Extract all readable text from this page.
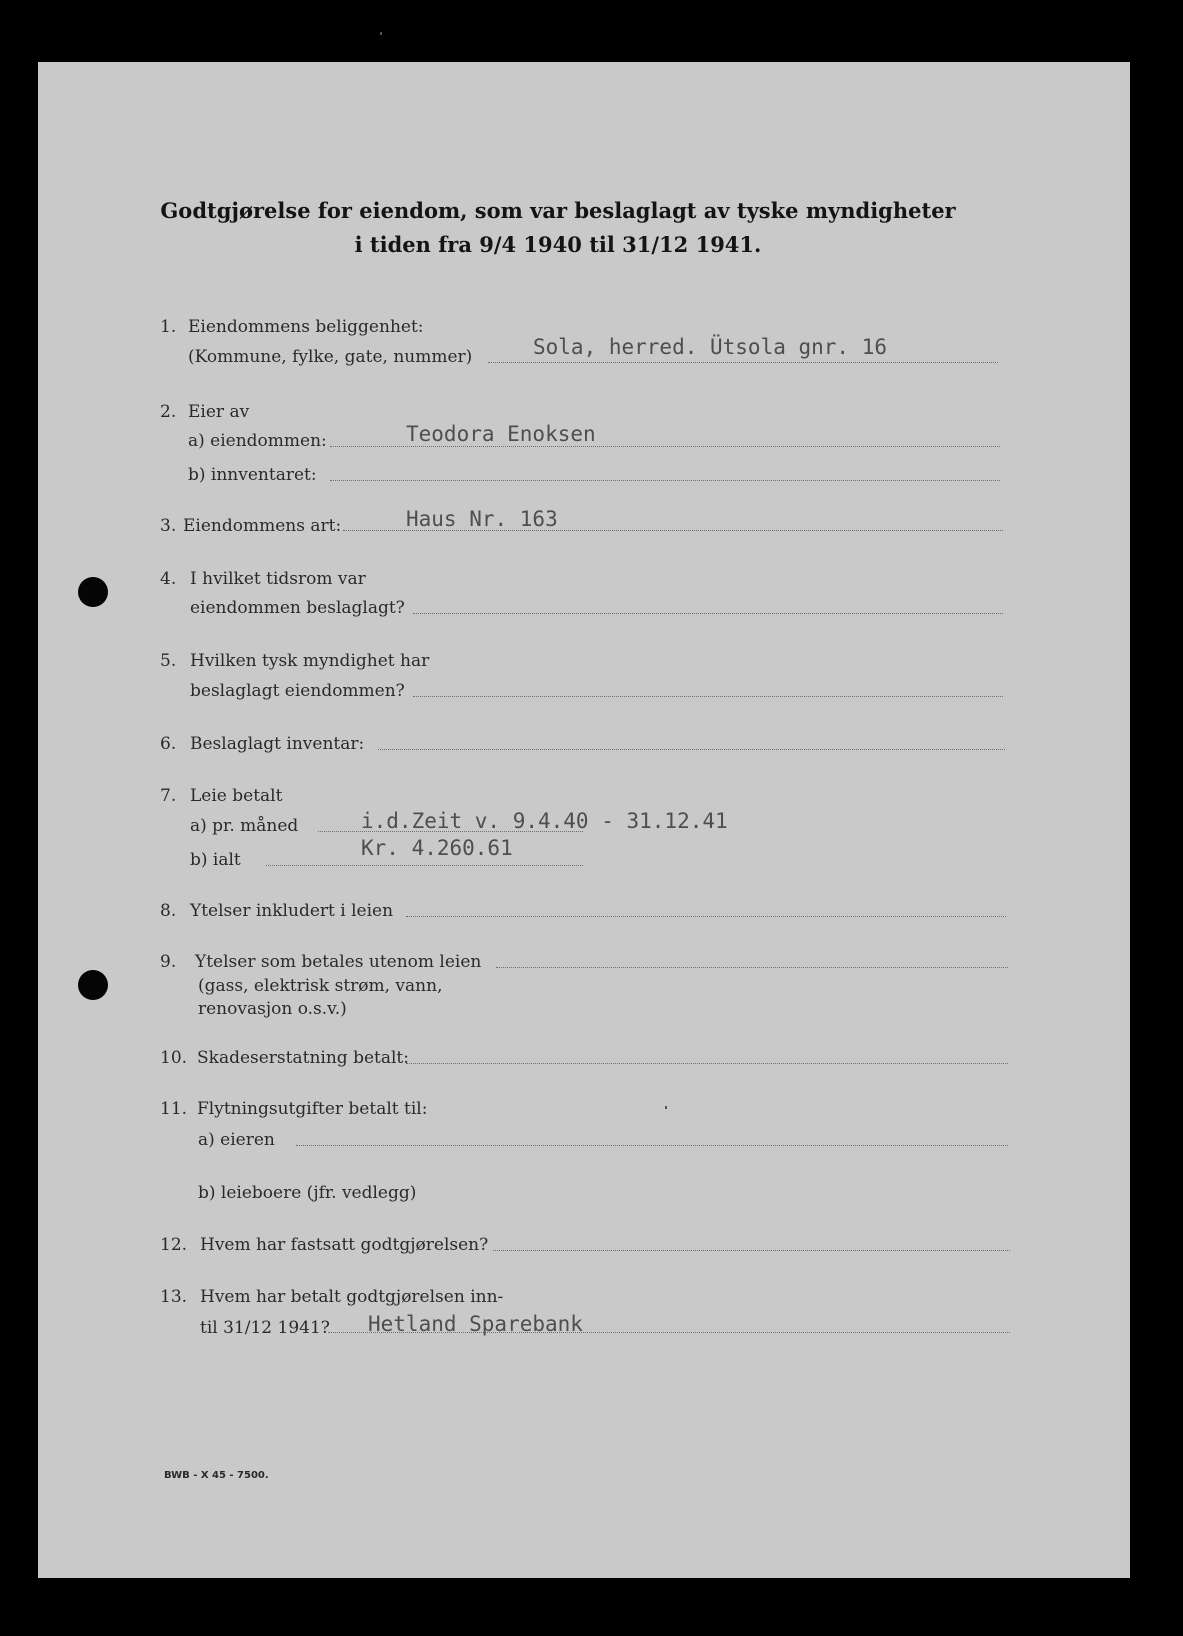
Godtgjørelse for eiendom, som var beslaglagt av tyske myndigheter
i tiden fra 9/4 1940 til 31/12 1941.
1. Eiendommens beliggenhet:
(Kommune, fylke, gate, nummer)	Sola, herred. Ütsola gnr. 16
2. Eier av
a) eiendommen:	Teodora Enoksen
b) innventaret:
3. Eiendommens art:	Haus Nr. 163
4. I hvilket tidsrom var
eiendommen beslaglagt?
5. Hvilken tysk myndighet har
beslaglagt eiendommen?
6. Beslaglagt inventar:
7. Leie betalt
a) pr. måned	i.d.Zeit v. 9.4.40 - 31.12.41
b) ialt	Kr. 4.260.61
8. Ytelser inkludert i leien
9. Ytelser som betales utenom leien
(gass, elektrisk strøm, vann,
renovasjon o.s.v.)
10. Skadeserstatning betalt:
11. Flytningsutgifter betalt til:
a) eieren
b) leieboere (jfr. vedlegg)
12. Hvem har fastsatt godtgjørelsen?
13. Hvem har betalt godtgjørelsen inn-
til 31/12 1941? Hetland Sparebank
BWB - X 45 - 7500.
